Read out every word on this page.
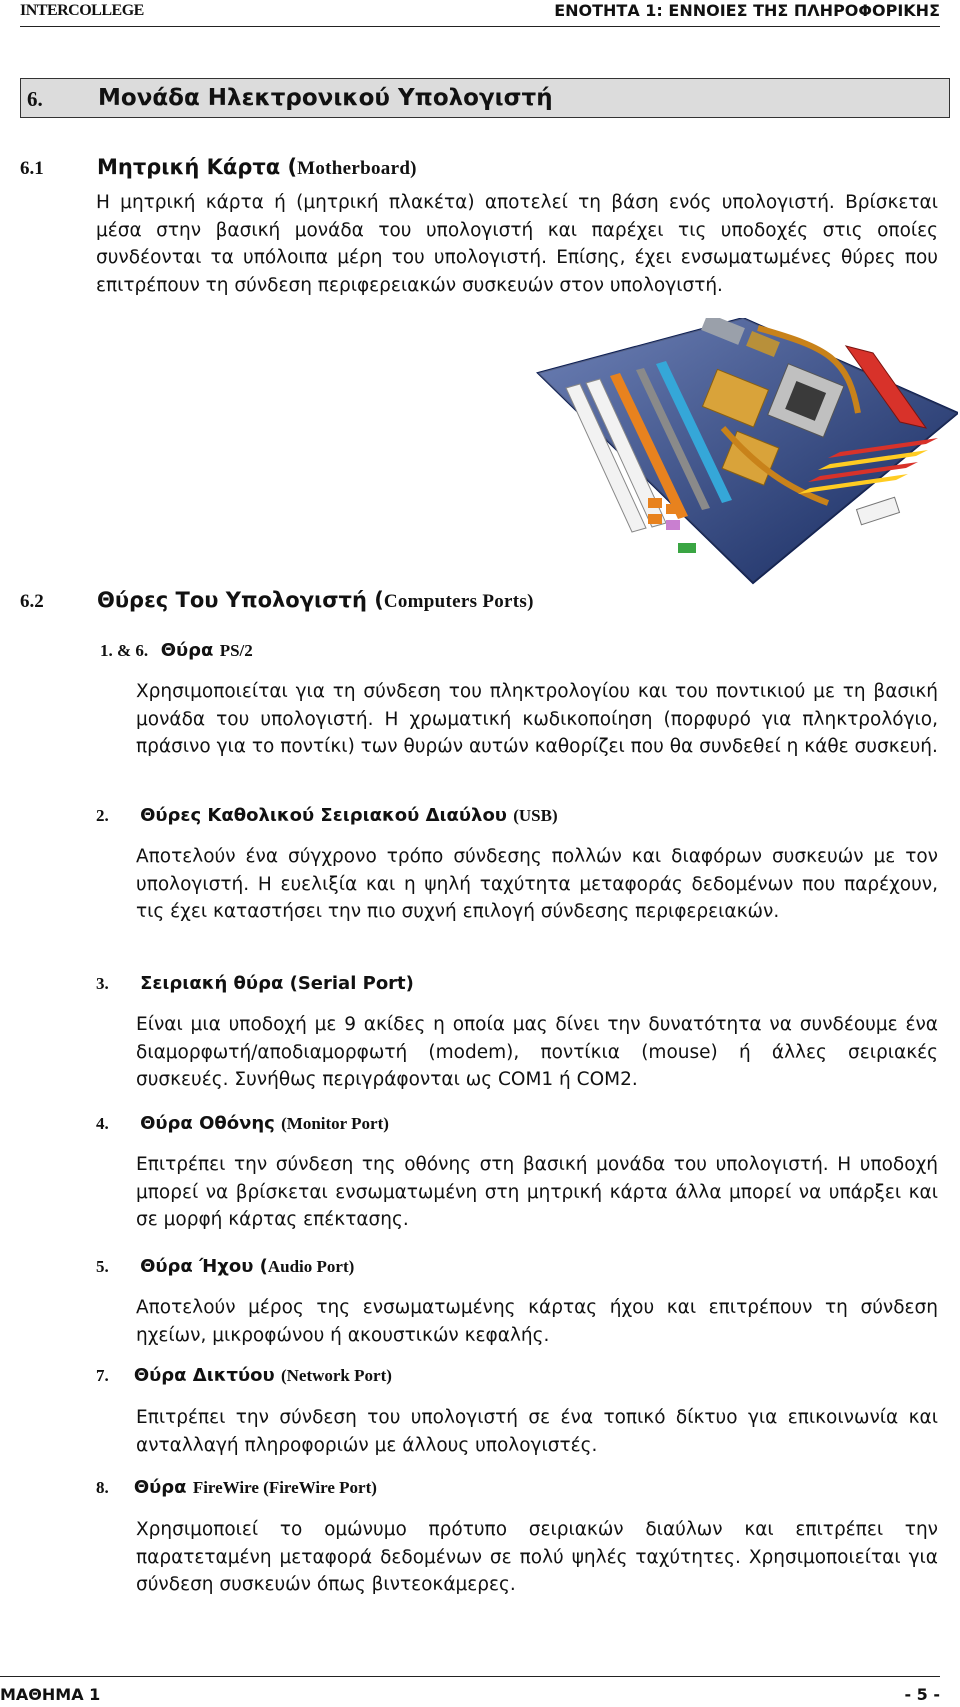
INTERCOLLEGE	ΕΝΟΤΗΤΑ 1: ΕΝΝΟΙΕΣ ΤΗΣ ΠΛΗΡΟΦΟΡΙΚΗΣ
6. Μονάδα Ηλεκτρονικού Υπολογιστή
6.1	Μητρική Κάρτα (Motherboard)
Η μητρική κάρτα ή (μητρική πλακέτα) αποτελεί τη βάση ενός υπολογιστή. Βρίσκεται μέσα στην βασική μονάδα του υπολογιστή και παρέχει τις υποδοχές στις οποίες συνδέονται τα υπόλοιπα μέρη του υπολογιστή. Επίσης, έχει ενσωματωμένες θύρες που επιτρέπουν τη σύνδεση περιφερειακών συσκευών στον υπολογιστή.
6.2	Θύρες Του Υπολογιστή (Computers Ports)
1. & 6. Θύρα PS/2
Χρησιμοποιείται για τη σύνδεση του πληκτρολογίου και του ποντικιού με τη βασική μονάδα του υπολογιστή. Η χρωματική κωδικοποίηση (πορφυρό για πληκτρολόγιο, πράσινο για το ποντίκι) των θυρών αυτών καθορίζει που θα συνδεθεί η κάθε συσκευή.
2. Θύρες Καθολικού Σειριακού Διαύλου (USB)
Αποτελούν ένα σύγχρονο τρόπο σύνδεσης πολλών και διαφόρων συσκευών με τον υπολογιστή. Η ευελιξία και η ψηλή ταχύτητα μεταφοράς δεδομένων που παρέχουν, τις έχει καταστήσει την πιο συχνή επιλογή σύνδεσης περιφερειακών.
3. Σειριακή θύρα (Serial Port)
Είναι μια υποδοχή με 9 ακίδες η οποία μας δίνει την δυνατότητα να συνδέουμε ένα διαμορφωτή/αποδιαμορφωτή (modem), ποντίκια (mouse) ή άλλες σειριακές συσκευές. Συνήθως περιγράφονται ως COM1 ή COM2.
4. Θύρα Οθόνης (Monitor Port)
Επιτρέπει την σύνδεση της οθόνης στη βασική μονάδα του υπολογιστή. Η υποδοχή μπορεί να βρίσκεται ενσωματωμένη στη μητρική κάρτα άλλα μπορεί να υπάρξει και σε μορφή κάρτας επέκτασης.
5. Θύρα Ήχου (Audio Port)
Αποτελούν μέρος της ενσωματωμένης κάρτας ήχου και επιτρέπουν τη σύνδεση ηχείων, μικροφώνου ή ακουστικών κεφαλής.
7. Θύρα Δικτύου (Network Port)
Επιτρέπει την σύνδεση του υπολογιστή σε ένα τοπικό δίκτυο για επικοινωνία και ανταλλαγή πληροφοριών με άλλους υπολογιστές.
8. Θύρα FireWire (FireWire Port)
Χρησιμοποιεί το ομώνυμο πρότυπο σειριακών διαύλων και επιτρέπει την παρατεταμένη μεταφορά δεδομένων σε πολύ ψηλές ταχύτητες. Χρησιμοποιείται για σύνδεση συσκευών όπως βιντεοκάμερες.
ΜΑΘΗΜΑ 1	- 5 -
